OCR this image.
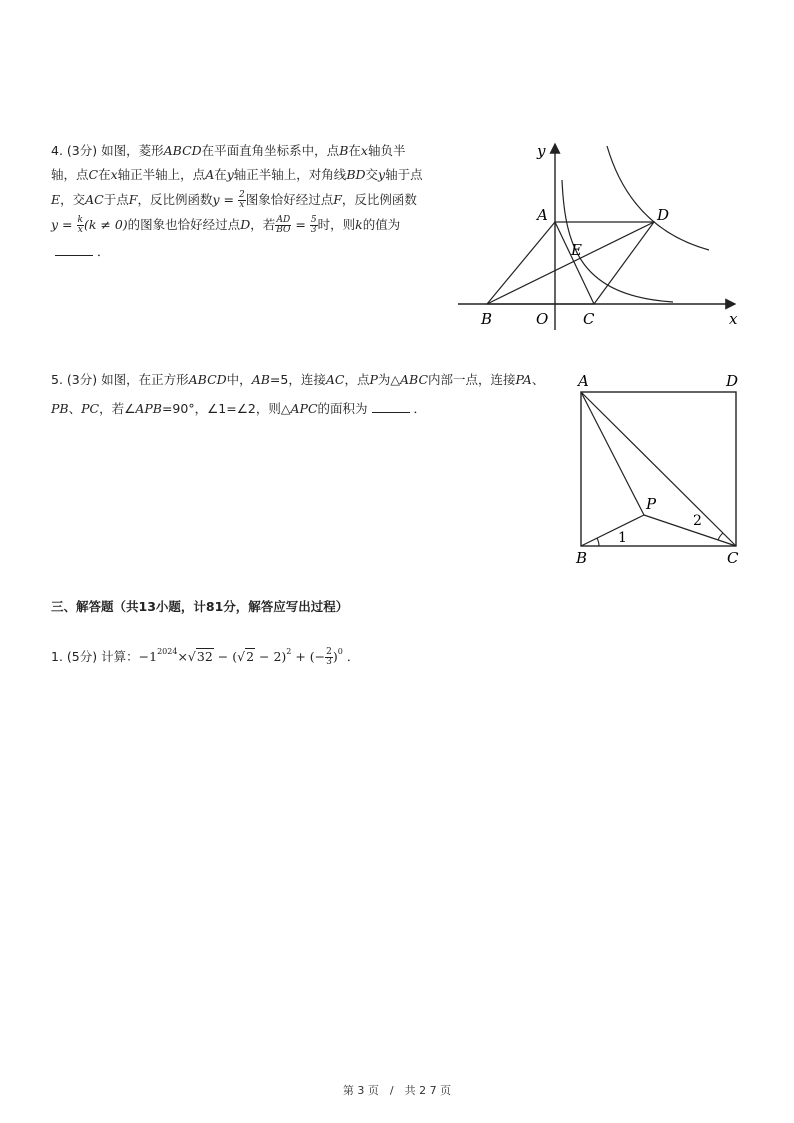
4. (3分) 如图，菱形ABCD在平面直角坐标系中，点B在x轴负半

轴，点C在x轴正半轴上，点A在y轴正半轴上，对角线BD交y轴于点

E，交AC于点F，反比例函数$y = \frac{2}{x}$ 图象恰好经过点F，反比例函数

$y = \frac{k}{x} (k \ne 0)$的图象也恰好经过点D，若 $\frac{AD}{BO} = \frac{5}{3}$ 时，则k的值为

．

y
x
A
B	C
D
E
O

5. (3分) 如图，在正方形ABCD中，AB=5，连接AC，点P为△ABC内部一点，连接PA、

PB、PC，若∠APB=90°，∠1=∠2，则△APC的面积为	．

A	D
B	C
P
1
2
三、解答题（共13小题，计81分，解答应写出过程）

1. (5分) 计算：$-1^{2024}\times√32 - (√2 - 2)^2$ + (− $\frac{2}{3} )^0$ ．

第 3 页　/　共 2 7 页
